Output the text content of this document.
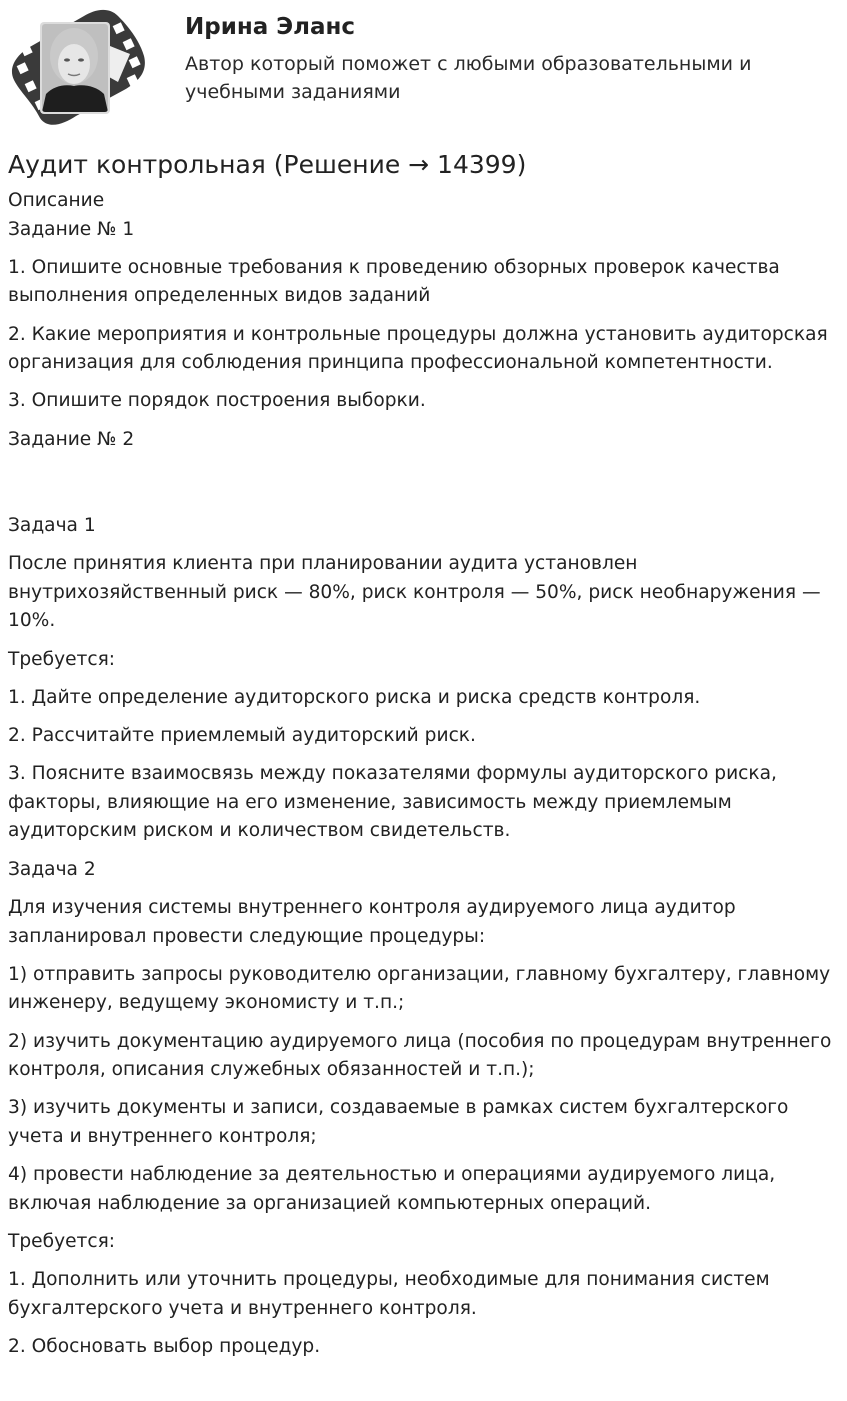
Ирина Эланс

Автор который поможет с любыми образовательными и учебными заданиями

Аудит контрольная (Решение → 14399)

Описание

Задание № 1

1. Опишите основные требования к проведению обзорных проверок качества выполнения определенных видов заданий

2. Какие мероприятия и контрольные процедуры должна установить аудиторская организация для соблюдения принципа профессиональной компетентности.

3. Опишите порядок построения выборки.

Задание № 2

Задача 1

После принятия клиента при планировании аудита установлен внутрихозяйственный риск — 80%, риск контроля — 50%, риск необнаружения — 10%.

Требуется:

1. Дайте определение аудиторского риска и риска средств контроля.

2. Рассчитайте приемлемый аудиторский риск.

3. Поясните взаимосвязь между показателями формулы аудиторского риска, факторы, влияющие на его изменение, зависимость между приемлемым аудиторским риском и количеством свидетельств.

Задача 2

Для изучения системы внутреннего контроля аудируемого лица аудитор запланировал провести следующие процедуры:

1) отправить запросы руководителю организации, главному бухгалтеру, главному инженеру, ведущему экономисту и т.п.;

2) изучить документацию аудируемого лица (пособия по процедурам внутреннего контроля, описания служебных обязанностей и т.п.);

3) изучить документы и записи, создаваемые в рамках систем бухгалтерского учета и внутреннего контроля;

4) провести наблюдение за деятельностью и операциями аудируемого лица, включая наблюдение за организацией компьютерных операций.

Требуется:

1. Дополнить или уточнить процедуры, необходимые для понимания систем бухгалтерского учета и внутреннего контроля.

2. Обосновать выбор процедур.
